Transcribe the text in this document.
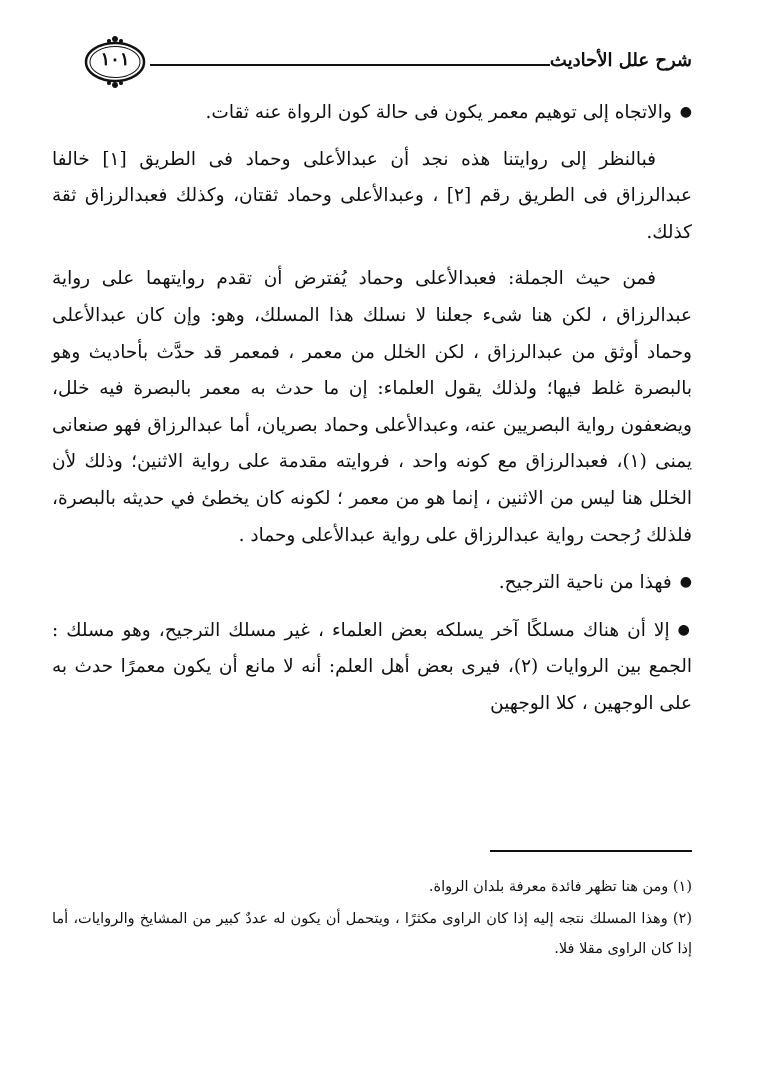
شرح علل الأحاديث
١٠١

● والاتجاه إلى توهيم معمر يكون فى حالة كون الرواة عنه ثقات.

فبالنظر إلى روايتنا هذه نجد أن عبدالأعلى وحماد فى الطريق [١] خالفا عبدالرزاق فى الطريق رقم [٢] ، وعبدالأعلى وحماد ثقتان، وكذلك فعبدالرزاق ثقة كذلك.

فمن حيث الجملة: فعبدالأعلى وحماد يُفترض أن تقدم روايتهما على رواية عبدالرزاق ، لكن هنا شىء جعلنا لا نسلك هذا المسلك، وهو: وإن كان عبدالأعلى وحماد أوثق من عبدالرزاق ، لكن الخلل من معمر ، فمعمر قد حدَّث بأحاديث وهو بالبصرة غلط فيها؛ ولذلك يقول العلماء: إن ما حدث به معمر بالبصرة فيه خلل، ويضعفون رواية البصريين عنه، وعبدالأعلى وحماد بصريان، أما عبدالرزاق فهو صنعانى يمنى (١)، فعبدالرزاق مع كونه واحد ، فروايته مقدمة على رواية الاثنين؛ وذلك لأن الخلل هنا ليس من الاثنين ، إنما هو من معمر ؛ لكونه كان يخطئ في حديثه بالبصرة، فلذلك رُجحت رواية عبدالرزاق على رواية عبدالأعلى وحماد .

● فهذا من ناحية الترجيح.

● إلا أن هناك مسلكًا آخر يسلكه بعض العلماء ، غير مسلك الترجيح، وهو مسلك : الجمع بين الروايات (٢)، فيرى بعض أهل العلم: أنه لا مانع أن يكون معمرًا حدث به على الوجهين ، كلا الوجهين

(١) ومن هنا تظهر فائدة معرفة بلدان الرواة.

(٢) وهذا المسلك نتجه إليه إذا كان الراوى مكثرًا ، ويتحمل أن يكون له عددٌ كبير من المشايخ والروايات، أما إذا كان الراوى مقلا فلا.
